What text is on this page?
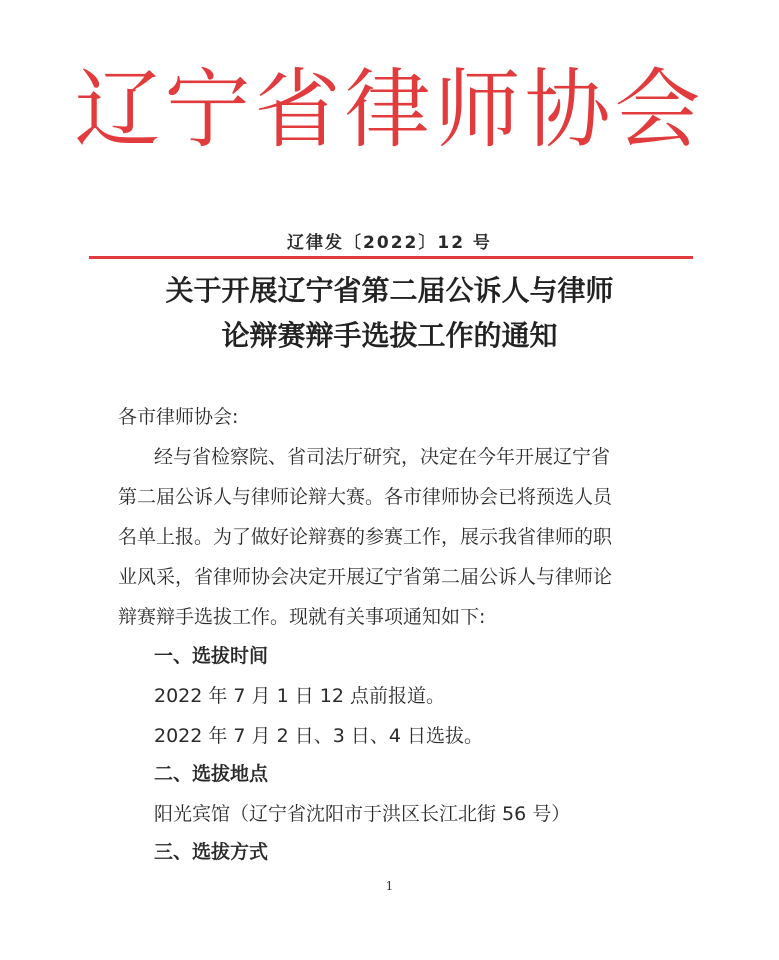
辽宁省律师协会
辽律发〔2022〕12 号
关于开展辽宁省第二届公诉人与律师
论辩赛辩手选拔工作的通知
各市律师协会:
经与省检察院、省司法厅研究，决定在今年开展辽宁省
第二届公诉人与律师论辩大赛。各市律师协会已将预选人员
名单上报。为了做好论辩赛的参赛工作，展示我省律师的职
业风采，省律师协会决定开展辽宁省第二届公诉人与律师论
辩赛辩手选拔工作。现就有关事项通知如下:
一、选拔时间
2022 年 7 月 1 日 12 点前报道。
2022 年 7 月 2 日、3 日、4 日选拔。
二、选拔地点
阳光宾馆（辽宁省沈阳市于洪区长江北街 56 号）
三、选拔方式
1
